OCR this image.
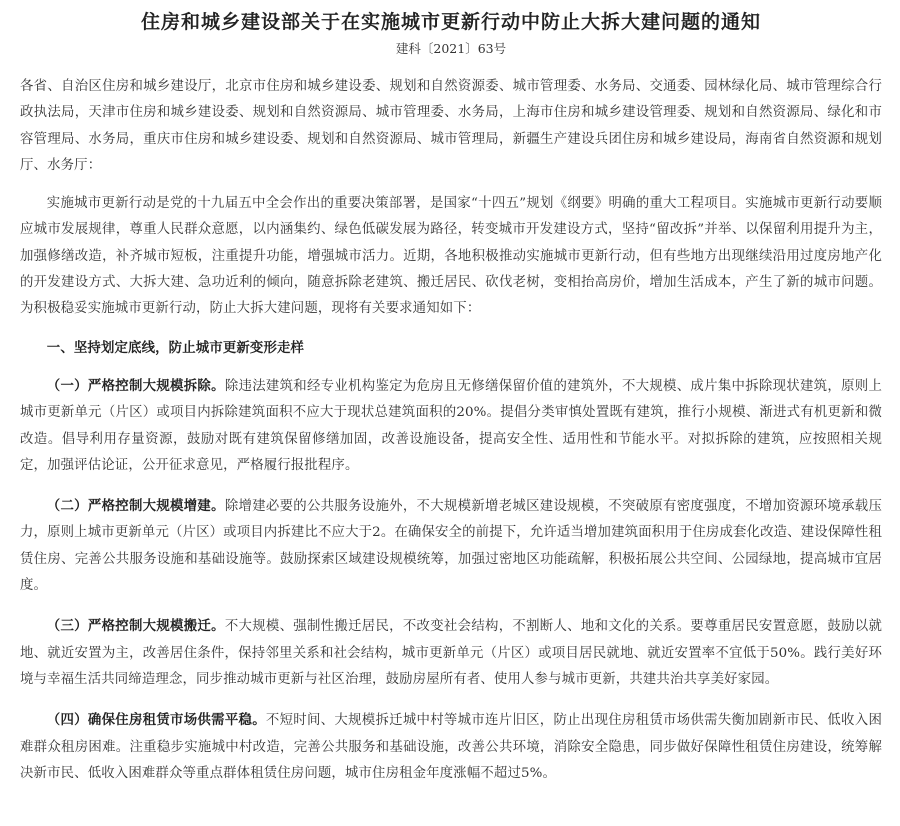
住房和城乡建设部关于在实施城市更新行动中防止大拆大建问题的通知
建科〔2021〕63号

各省、自治区住房和城乡建设厅，北京市住房和城乡建设委、规划和自然资源委、城市管理委、水务局、交通委、园林绿化局、城市管理综合行政执法局，天津市住房和城乡建设委、规划和自然资源局、城市管理委、水务局，上海市住房和城乡建设管理委、规划和自然资源局、绿化和市容管理局、水务局，重庆市住房和城乡建设委、规划和自然资源局、城市管理局，新疆生产建设兵团住房和城乡建设局，海南省自然资源和规划厅、水务厅：

实施城市更新行动是党的十九届五中全会作出的重要决策部署，是国家“十四五”规划《纲要》明确的重大工程项目。实施城市更新行动要顺应城市发展规律，尊重人民群众意愿，以内涵集约、绿色低碳发展为路径，转变城市开发建设方式，坚持“留改拆”并举、以保留利用提升为主，加强修缮改造，补齐城市短板，注重提升功能，增强城市活力。近期，各地积极推动实施城市更新行动，但有些地方出现继续沿用过度房地产化的开发建设方式、大拆大建、急功近利的倾向，随意拆除老建筑、搬迁居民、砍伐老树，变相抬高房价，增加生活成本，产生了新的城市问题。为积极稳妥实施城市更新行动，防止大拆大建问题，现将有关要求通知如下：

一、坚持划定底线，防止城市更新变形走样

（一）严格控制大规模拆除。除违法建筑和经专业机构鉴定为危房且无修缮保留价值的建筑外，不大规模、成片集中拆除现状建筑，原则上城市更新单元（片区）或项目内拆除建筑面积不应大于现状总建筑面积的20%。提倡分类审慎处置既有建筑，推行小规模、渐进式有机更新和微改造。倡导利用存量资源，鼓励对既有建筑保留修缮加固，改善设施设备，提高安全性、适用性和节能水平。对拟拆除的建筑，应按照相关规定，加强评估论证，公开征求意见，严格履行报批程序。

（二）严格控制大规模增建。除增建必要的公共服务设施外，不大规模新增老城区建设规模，不突破原有密度强度，不增加资源环境承载压力，原则上城市更新单元（片区）或项目内拆建比不应大于2。在确保安全的前提下，允许适当增加建筑面积用于住房成套化改造、建设保障性租赁住房、完善公共服务设施和基础设施等。鼓励探索区域建设规模统筹，加强过密地区功能疏解，积极拓展公共空间、公园绿地，提高城市宜居度。

（三）严格控制大规模搬迁。不大规模、强制性搬迁居民，不改变社会结构，不割断人、地和文化的关系。要尊重居民安置意愿，鼓励以就地、就近安置为主，改善居住条件，保持邻里关系和社会结构，城市更新单元（片区）或项目居民就地、就近安置率不宜低于50%。践行美好环境与幸福生活共同缔造理念，同步推动城市更新与社区治理，鼓励房屋所有者、使用人参与城市更新，共建共治共享美好家园。

（四）确保住房租赁市场供需平稳。不短时间、大规模拆迁城中村等城市连片旧区，防止出现住房租赁市场供需失衡加剧新市民、低收入困难群众租房困难。注重稳步实施城中村改造，完善公共服务和基础设施，改善公共环境，消除安全隐患，同步做好保障性租赁住房建设，统筹解决新市民、低收入困难群众等重点群体租赁住房问题，城市住房租金年度涨幅不超过5%。
